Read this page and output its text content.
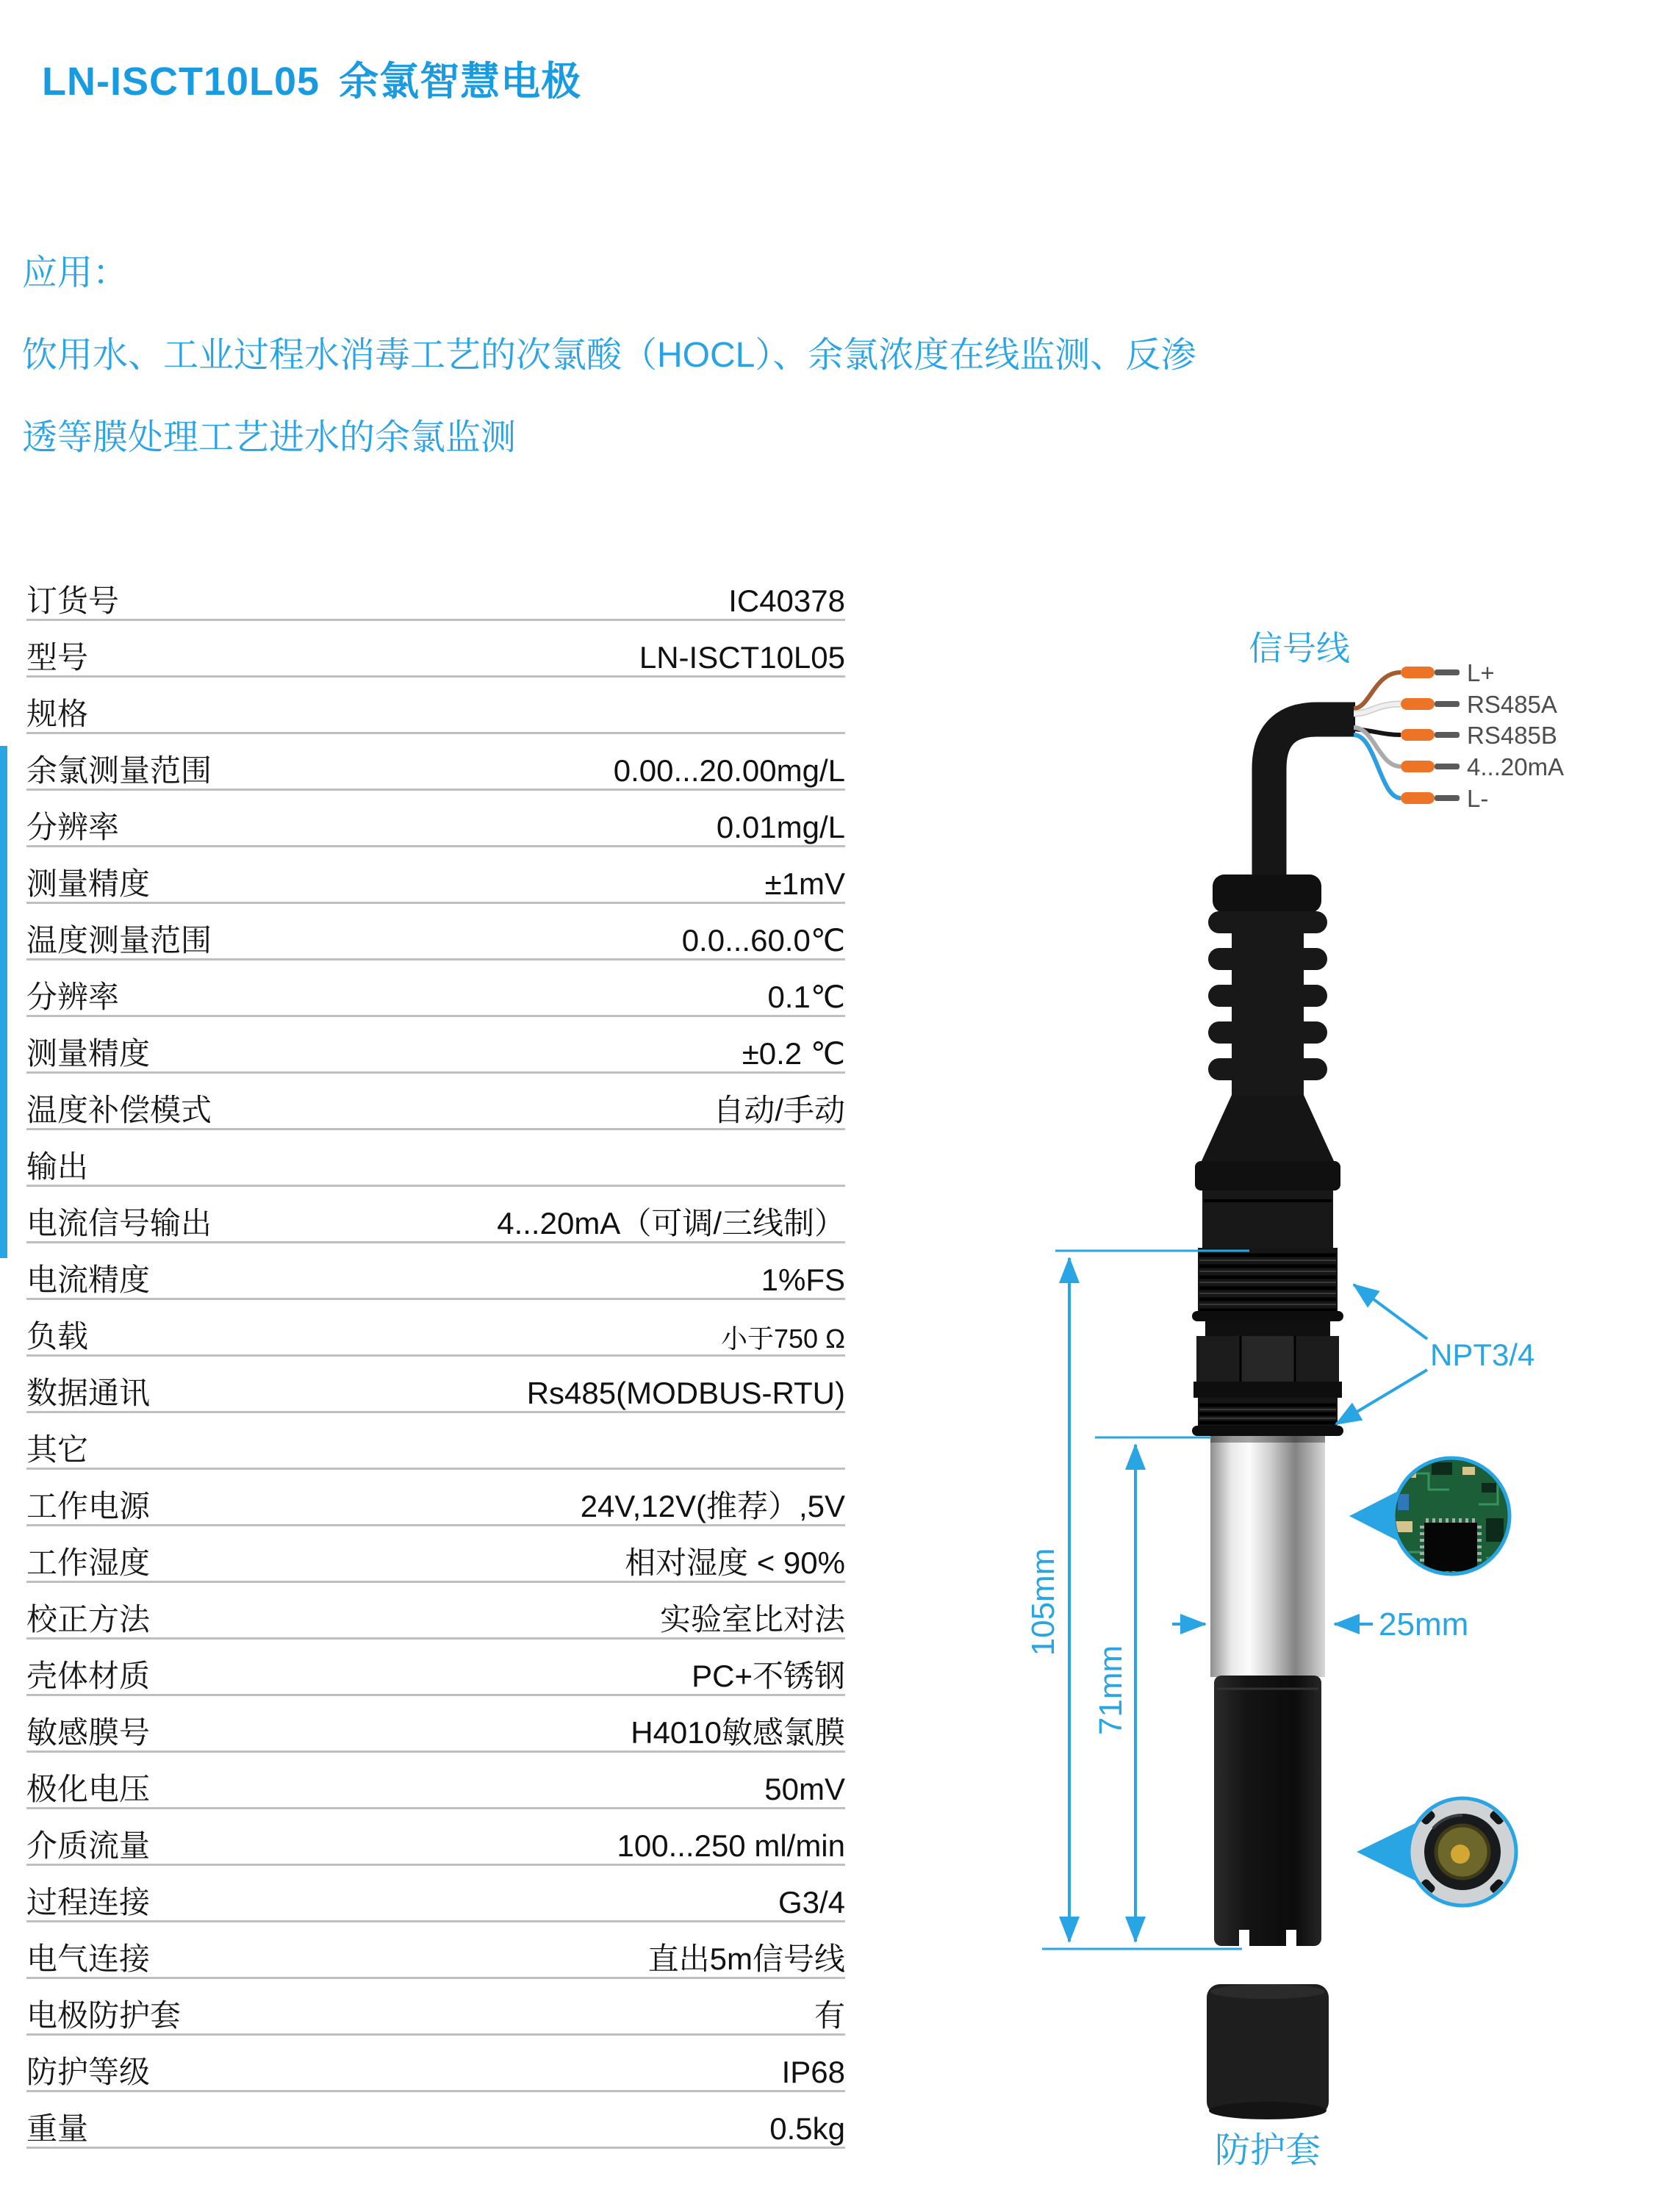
LN-ISCT10L05 余氯智慧电极
应用：
饮用水、工业过程水消毒工艺的次氯酸（HOCL）、余氯浓度在线监测、反渗
透等膜处理工艺进水的余氯监测
订货号	IC40378
型号	LN-ISCT10L05
规格
余氯测量范围	0.00...20.00mg/L
分辨率	0.01mg/L
测量精度	±1mV
温度测量范围	0.0...60.0℃
分辨率	0.1℃
测量精度	±0.2 ℃
温度补偿模式	自动/手动
输出
电流信号输出	4...20mA（可调/三线制）
电流精度	1%FS
负载	小于750 Ω
数据通讯	Rs485(MODBUS-RTU)
其它
工作电源	24V,12V(推荐）,5V
工作湿度	相对湿度 < 90%
校正方法	实验室比对法
壳体材质	PC+不锈钢
敏感膜号	H4010敏感氯膜
极化电压	50mV
介质流量	100...250 ml/min
过程连接	G3/4
电气连接	直出5m信号线
电极防护套	有
防护等级	IP68
重量	0.5kg
L+
RS485A
RS485B
4...20mA
L-
信号线
防护套
105mm
71mm
25mm
NPT3/4
